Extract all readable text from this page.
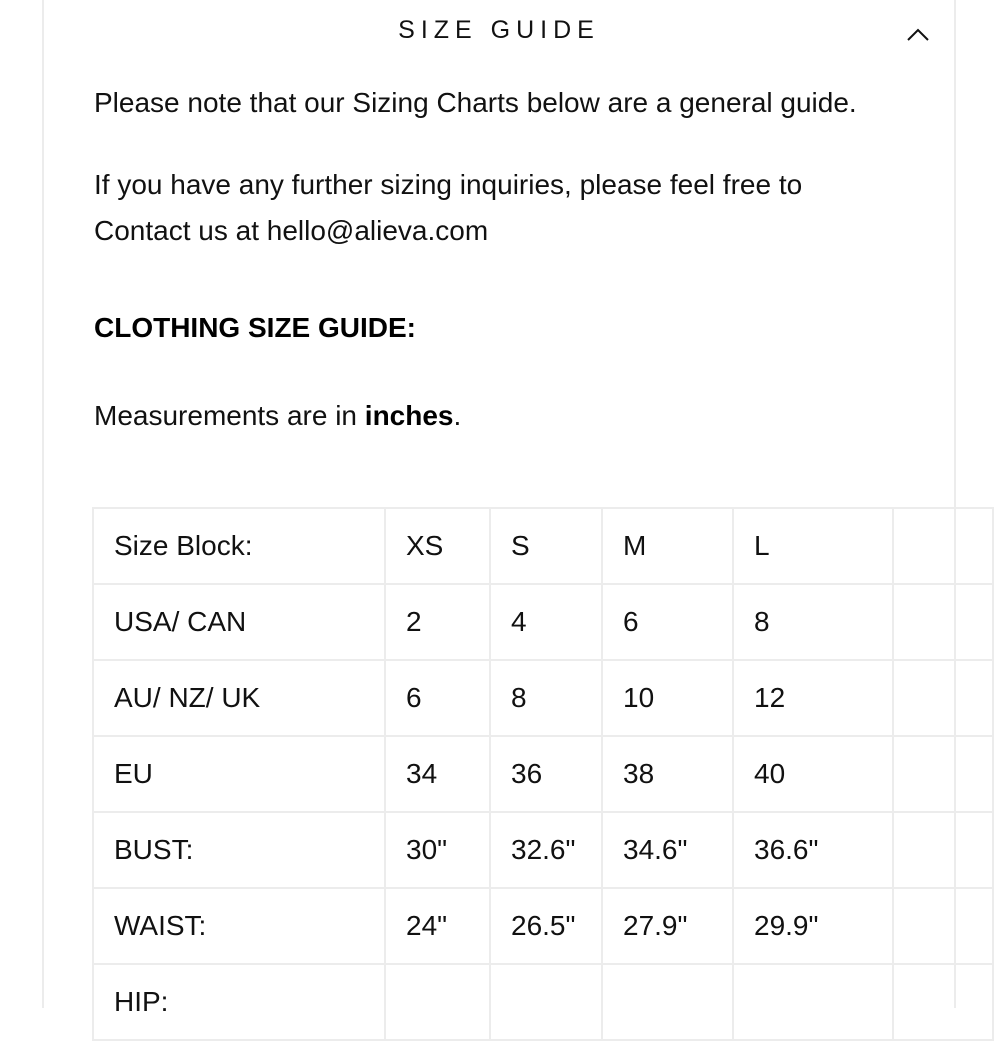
SIZE GUIDE

Please note that our Sizing Charts below are a general guide.

If you have any further sizing inquiries, please feel free to Contact us at hello@alieva.com

CLOTHING SIZE GUIDE:

Measurements are in inches.

Size Block:	XS	S	M	L	
USA/ CAN	2	4	6	8	
AU/ NZ/ UK	6	8	10	12	
EU	34	36	38	40	
BUST:	30"	32.6"	34.6"	36.6"	
WAIST:	24"	26.5"	27.9"	29.9"	
HIP:					
